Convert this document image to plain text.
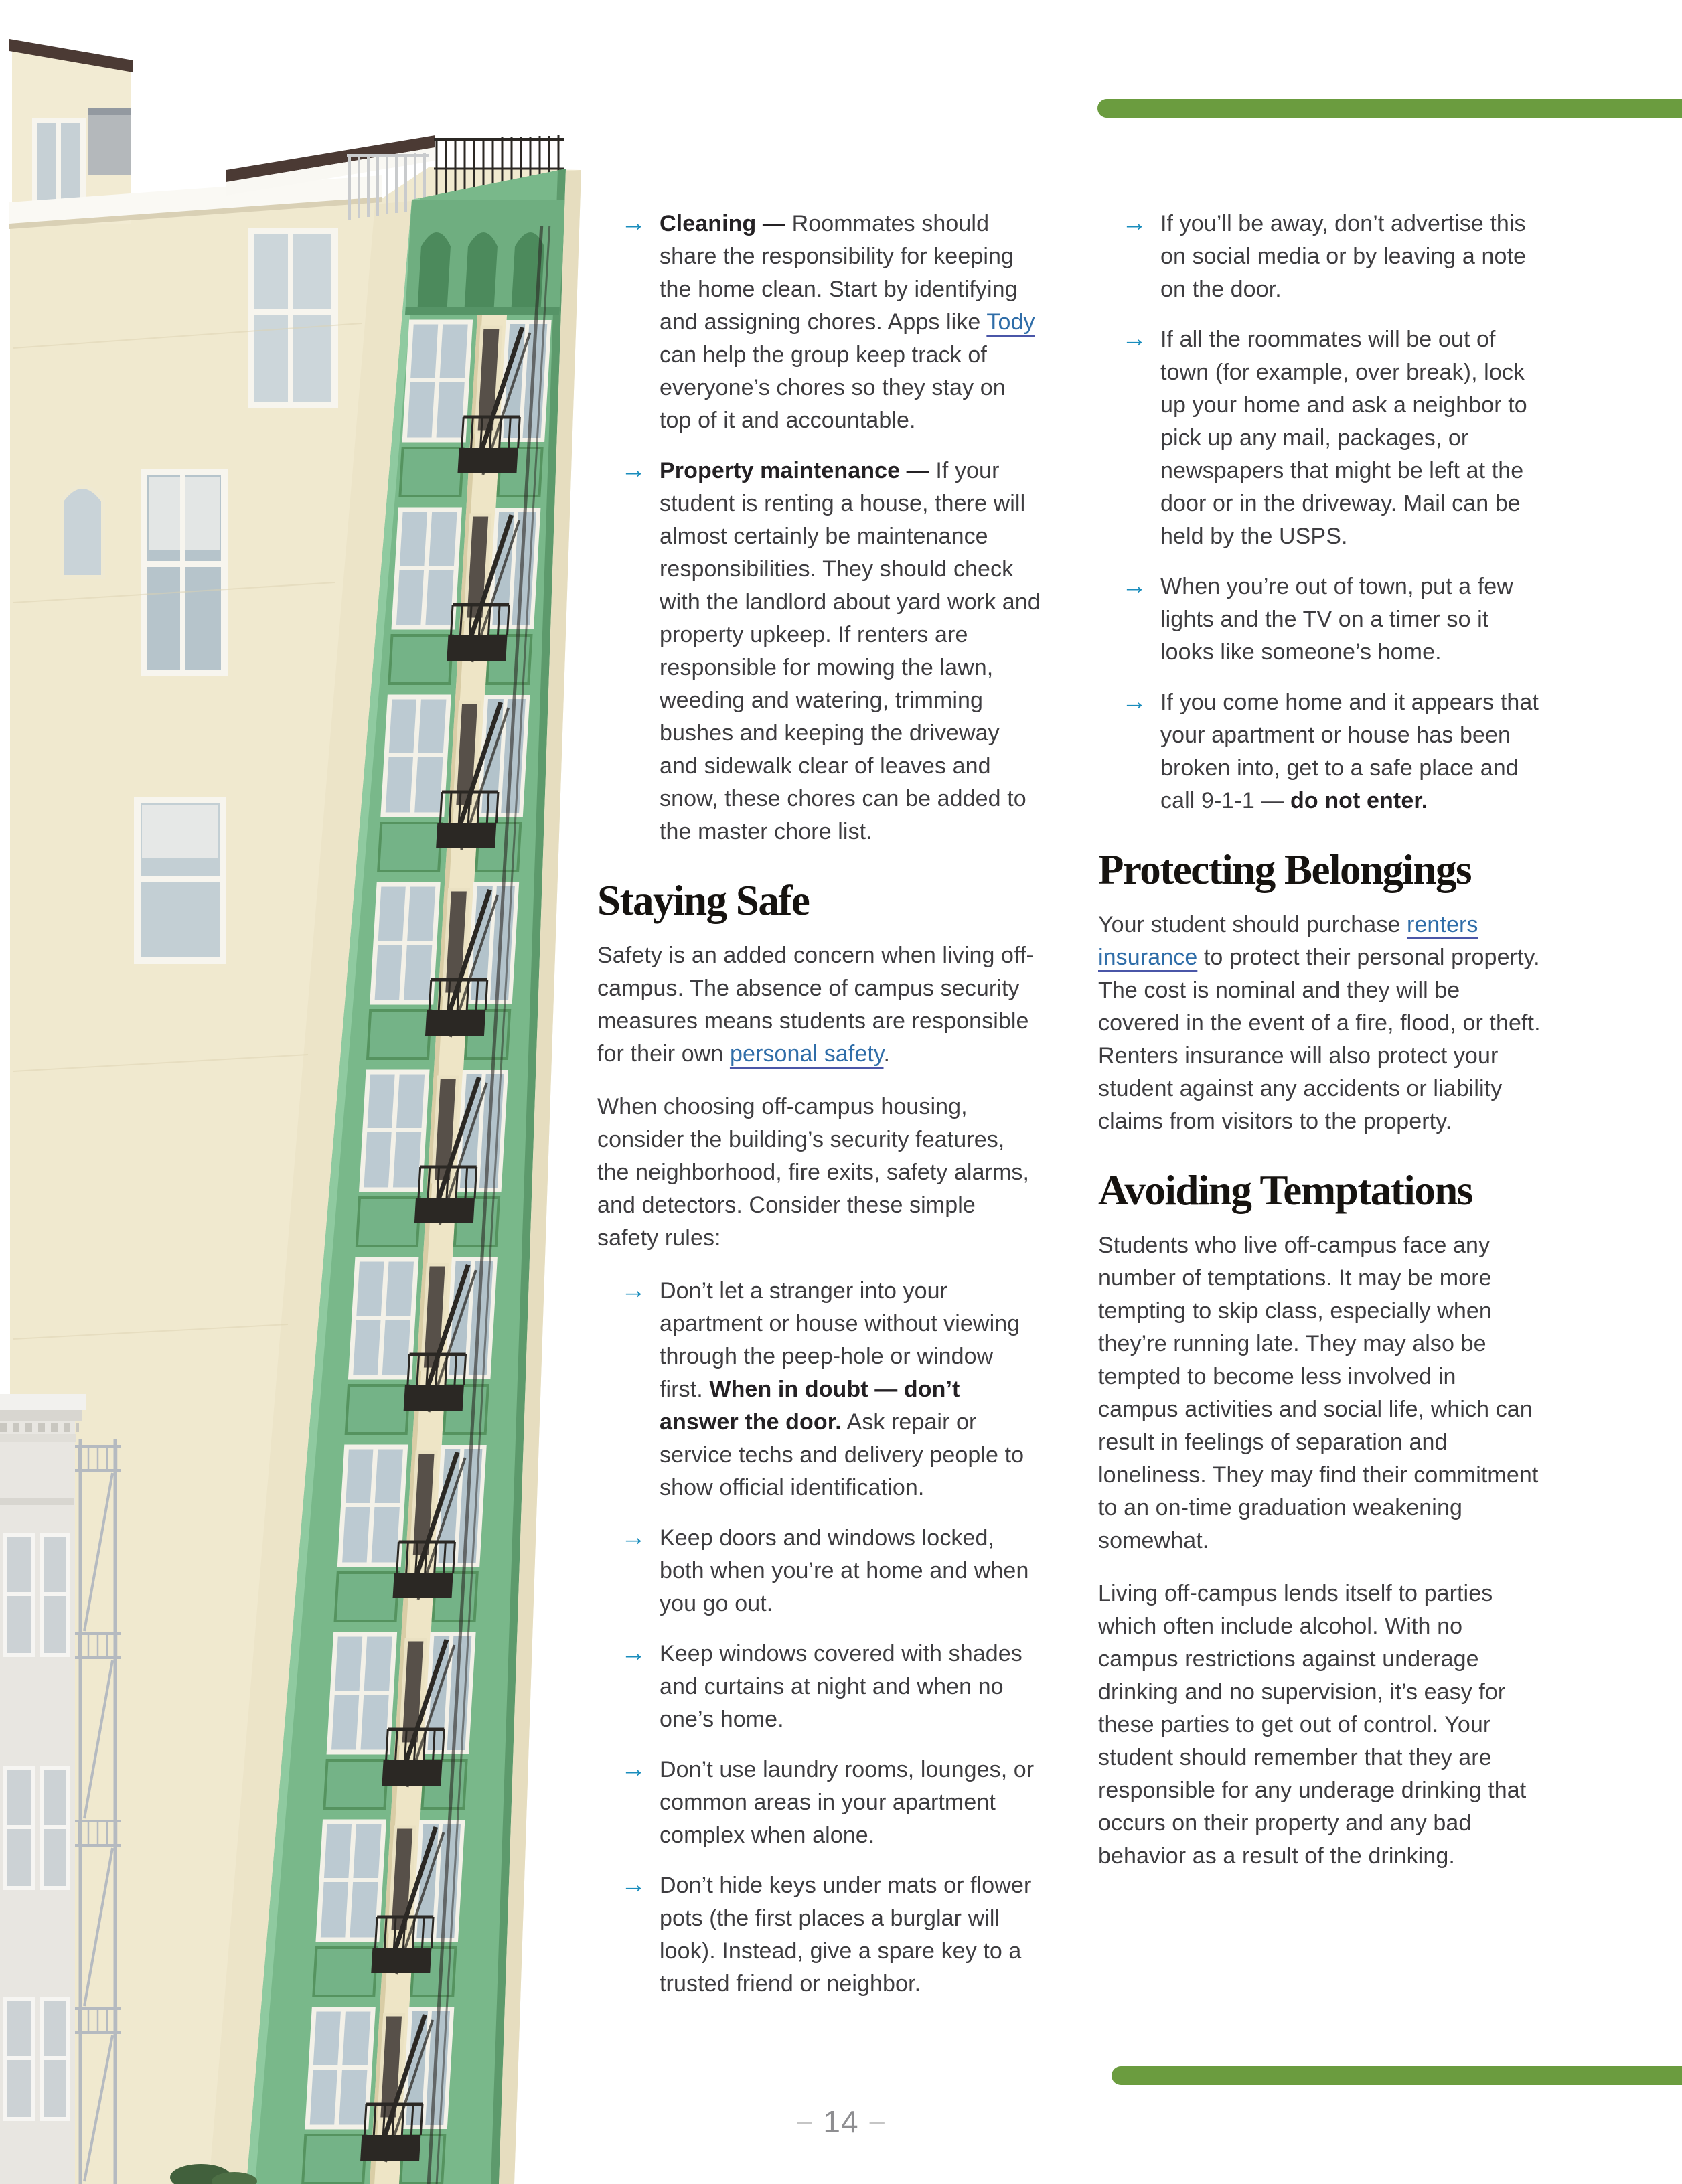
→ Cleaning — Roommates should share the responsibility for keeping the home clean. Start by identifying and assigning chores. Apps like Tody can help the group keep track of everyone’s chores so they stay on top of it and accountable.

→ Property maintenance — If your student is renting a house, there will almost certainly be maintenance responsibilities. They should check with the landlord about yard work and property upkeep. If renters are responsible for mowing the lawn, weeding and watering, trimming bushes and keeping the driveway and sidewalk clear of leaves and snow, these chores can be added to the master chore list.

Staying Safe

Safety is an added concern when living off-campus. The absence of campus security measures means students are responsible for their own personal safety.

When choosing off-campus housing, consider the building’s security features, the neighborhood, fire exits, safety alarms, and detectors. Consider these simple safety rules:

→ Don’t let a stranger into your apartment or house without viewing through the peep-hole or window first. When in doubt — don’t answer the door. Ask repair or service techs and delivery people to show official identification.

→ Keep doors and windows locked, both when you’re at home and when you go out.

→ Keep windows covered with shades and curtains at night and when no one’s home.

→ Don’t use laundry rooms, lounges, or common areas in your apartment complex when alone.

→ Don’t hide keys under mats or flower pots (the first places a burglar will look). Instead, give a spare key to a trusted friend or neighbor.

→ If you’ll be away, don’t advertise this on social media or by leaving a note on the door.

→ If all the roommates will be out of town (for example, over break), lock up your home and ask a neighbor to pick up any mail, packages, or newspapers that might be left at the door or in the driveway. Mail can be held by the USPS.

→ When you’re out of town, put a few lights and the TV on a timer so it looks like someone’s home.

→ If you come home and it appears that your apartment or house has been broken into, get to a safe place and call 9-1-1 — do not enter.

Protecting Belongings

Your student should purchase renters insurance to protect their personal property. The cost is nominal and they will be covered in the event of a fire, flood, or theft. Renters insurance will also protect your student against any accidents or liability claims from visitors to the property.

Avoiding Temptations

Students who live off-campus face any number of temptations. It may be more tempting to skip class, especially when they’re running late. They may also be tempted to become less involved in campus activities and social life, which can result in feelings of separation and loneliness. They may find their commitment to an on-time graduation weakening somewhat.

Living off-campus lends itself to parties which often include alcohol. With no campus restrictions against underage drinking and no supervision, it’s easy for these parties to get out of control. Your student should remember that they are responsible for any underage drinking that occurs on their property and any bad behavior as a result of the drinking.

– 14 –
